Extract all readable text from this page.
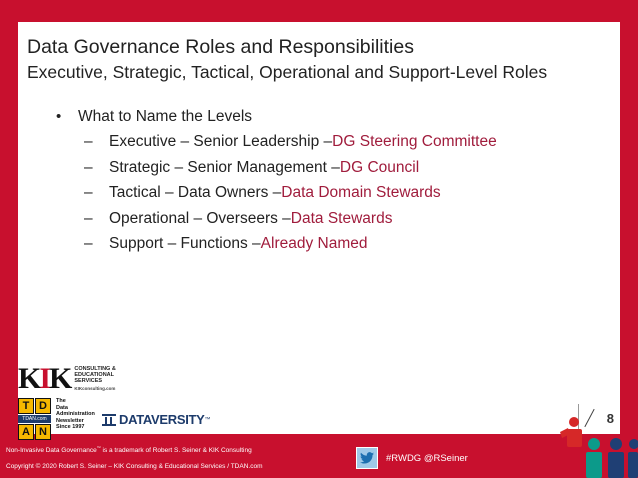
Data Governance Roles and Responsibilities
Executive, Strategic, Tactical, Operational and Support-Level Roles
•	What to Name the Levels
–	Executive – Senior Leadership – DG Steering Committee
–	Strategic – Senior Management – DG Council
–	Tactical – Data Owners – Data Domain Stewards
–	Operational – Overseers – Data Stewards
–	Support – Functions – Already Named
KIK CONSULTING &
EDUCATIONAL
SERVICES
KIKconsulting.com
T D
TDAN.com
A N
The
Data
Administration
Newsletter
Since 1997	DATAVERSITY ™	8
Non-Invasive Data Governance™ is a trademark of Robert S. Seiner & KIK Consulting
Copyright © 2020 Robert S. Seiner – KIK Consulting & Educational Services / TDAN.com
#RWDG @RSeiner
